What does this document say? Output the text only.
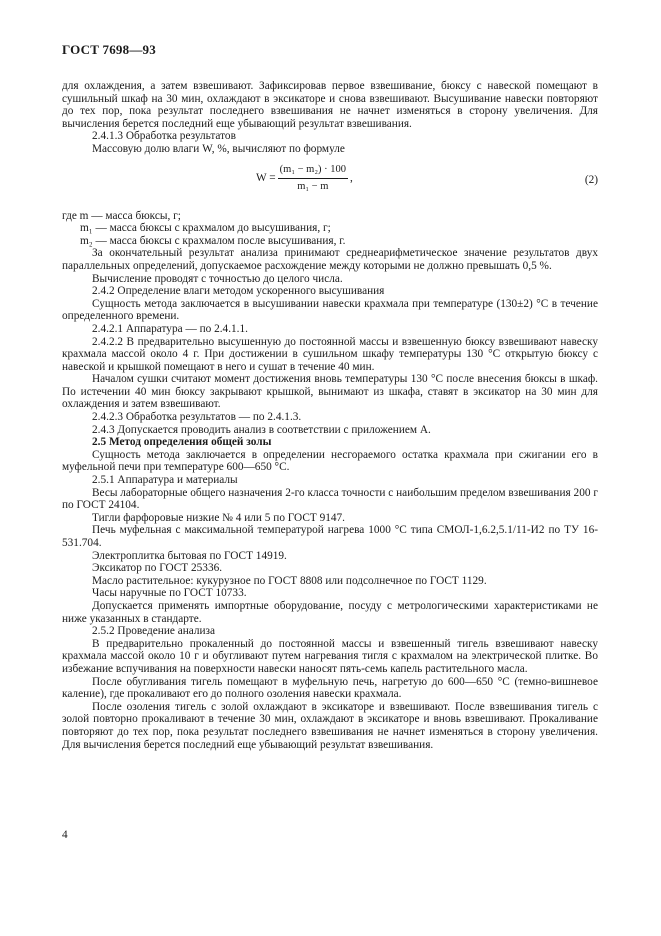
ГОСТ 7698—93

для охлаждения, а затем взвешивают. Зафиксировав первое взвешивание, бюксу с навеской помещают в сушильный шкаф на 30 мин, охлаждают в эксикаторе и снова взвешивают. Высушивание навески повторяют до тех пор, пока результат последнего взвешивания не начнет изменяться в сторону увеличения. Для вычисления берется последний еще убывающий результат взвешивания.

2.4.1.3 Обработка результатов

Массовую долю влаги W, %, вычисляют по формуле

$W = \frac{\text{(m₁ − m₂) · 100}}{\text{m₁ − m}}$ ,	(2)

где m — масса бюксы, г;

m₁ — масса бюксы с крахмалом до высушивания, г;

m₂ — масса бюксы с крахмалом после высушивания, г.

За окончательный результат анализа принимают среднеарифметическое значение результатов двух параллельных определений, допускаемое расхождение между которыми не должно превышать 0,5 %.

Вычисление проводят с точностью до целого числа.

2.4.2 Определение влаги методом ускоренного высушивания

Сущность метода заключается в высушивании навески крахмала при температуре (130±2) °С в течение определенного времени.

2.4.2.1 Аппаратура — по 2.4.1.1.

2.4.2.2 В предварительно высушенную до постоянной массы и взвешенную бюксу взвешивают навеску крахмала массой около 4 г. При достижении в сушильном шкафу температуры 130 °С открытую бюксу с навеской и крышкой помещают в него и сушат в течение 40 мин.

Началом сушки считают момент достижения вновь температуры 130 °С после внесения бюксы в шкаф. По истечении 40 мин бюксу закрывают крышкой, вынимают из шкафа, ставят в эксикатор на 30 мин для охлаждения и затем взвешивают.

2.4.2.3 Обработка результатов — по 2.4.1.3.

2.4.3 Допускается проводить анализ в соответствии с приложением А.

2.5 Метод определения общей золы

Сущность метода заключается в определении несгораемого остатка крахмала при сжигании его в муфельной печи при температуре 600—650 °С.

2.5.1 Аппаратура и материалы

Весы лабораторные общего назначения 2-го класса точности с наибольшим пределом взвешивания 200 г по ГОСТ 24104.

Тигли фарфоровые низкие № 4 или 5 по ГОСТ 9147.

Печь муфельная с максимальной температурой нагрева 1000 °С типа СМОЛ-1,6.2,5.1/11-И2 по ТУ 16-531.704.

Электроплитка бытовая по ГОСТ 14919.

Эксикатор по ГОСТ 25336.

Масло растительное: кукурузное по ГОСТ 8808 или подсолнечное по ГОСТ 1129.

Часы наручные по ГОСТ 10733.

Допускается применять импортные оборудование, посуду с метрологическими характеристиками не ниже указанных в стандарте.

2.5.2 Проведение анализа

В предварительно прокаленный до постоянной массы и взвешенный тигель взвешивают навеску крахмала массой около 10 г и обугливают путем нагревания тигля с крахмалом на электрической плитке. Во избежание вспучивания на поверхности навески наносят пять-семь капель растительного масла.

После обугливания тигель помещают в муфельную печь, нагретую до 600—650 °С (темно-вишневое каление), где прокаливают его до полного озоления навески крахмала.

После озоления тигель с золой охлаждают в эксикаторе и взвешивают. После взвешивания тигель с золой повторно прокаливают в течение 30 мин, охлаждают в эксикаторе и вновь взвешивают. Прокаливание повторяют до тех пор, пока результат последнего взвешивания не начнет изменяться в сторону увеличения. Для вычисления берется последний еще убывающий результат взвешивания.

4
